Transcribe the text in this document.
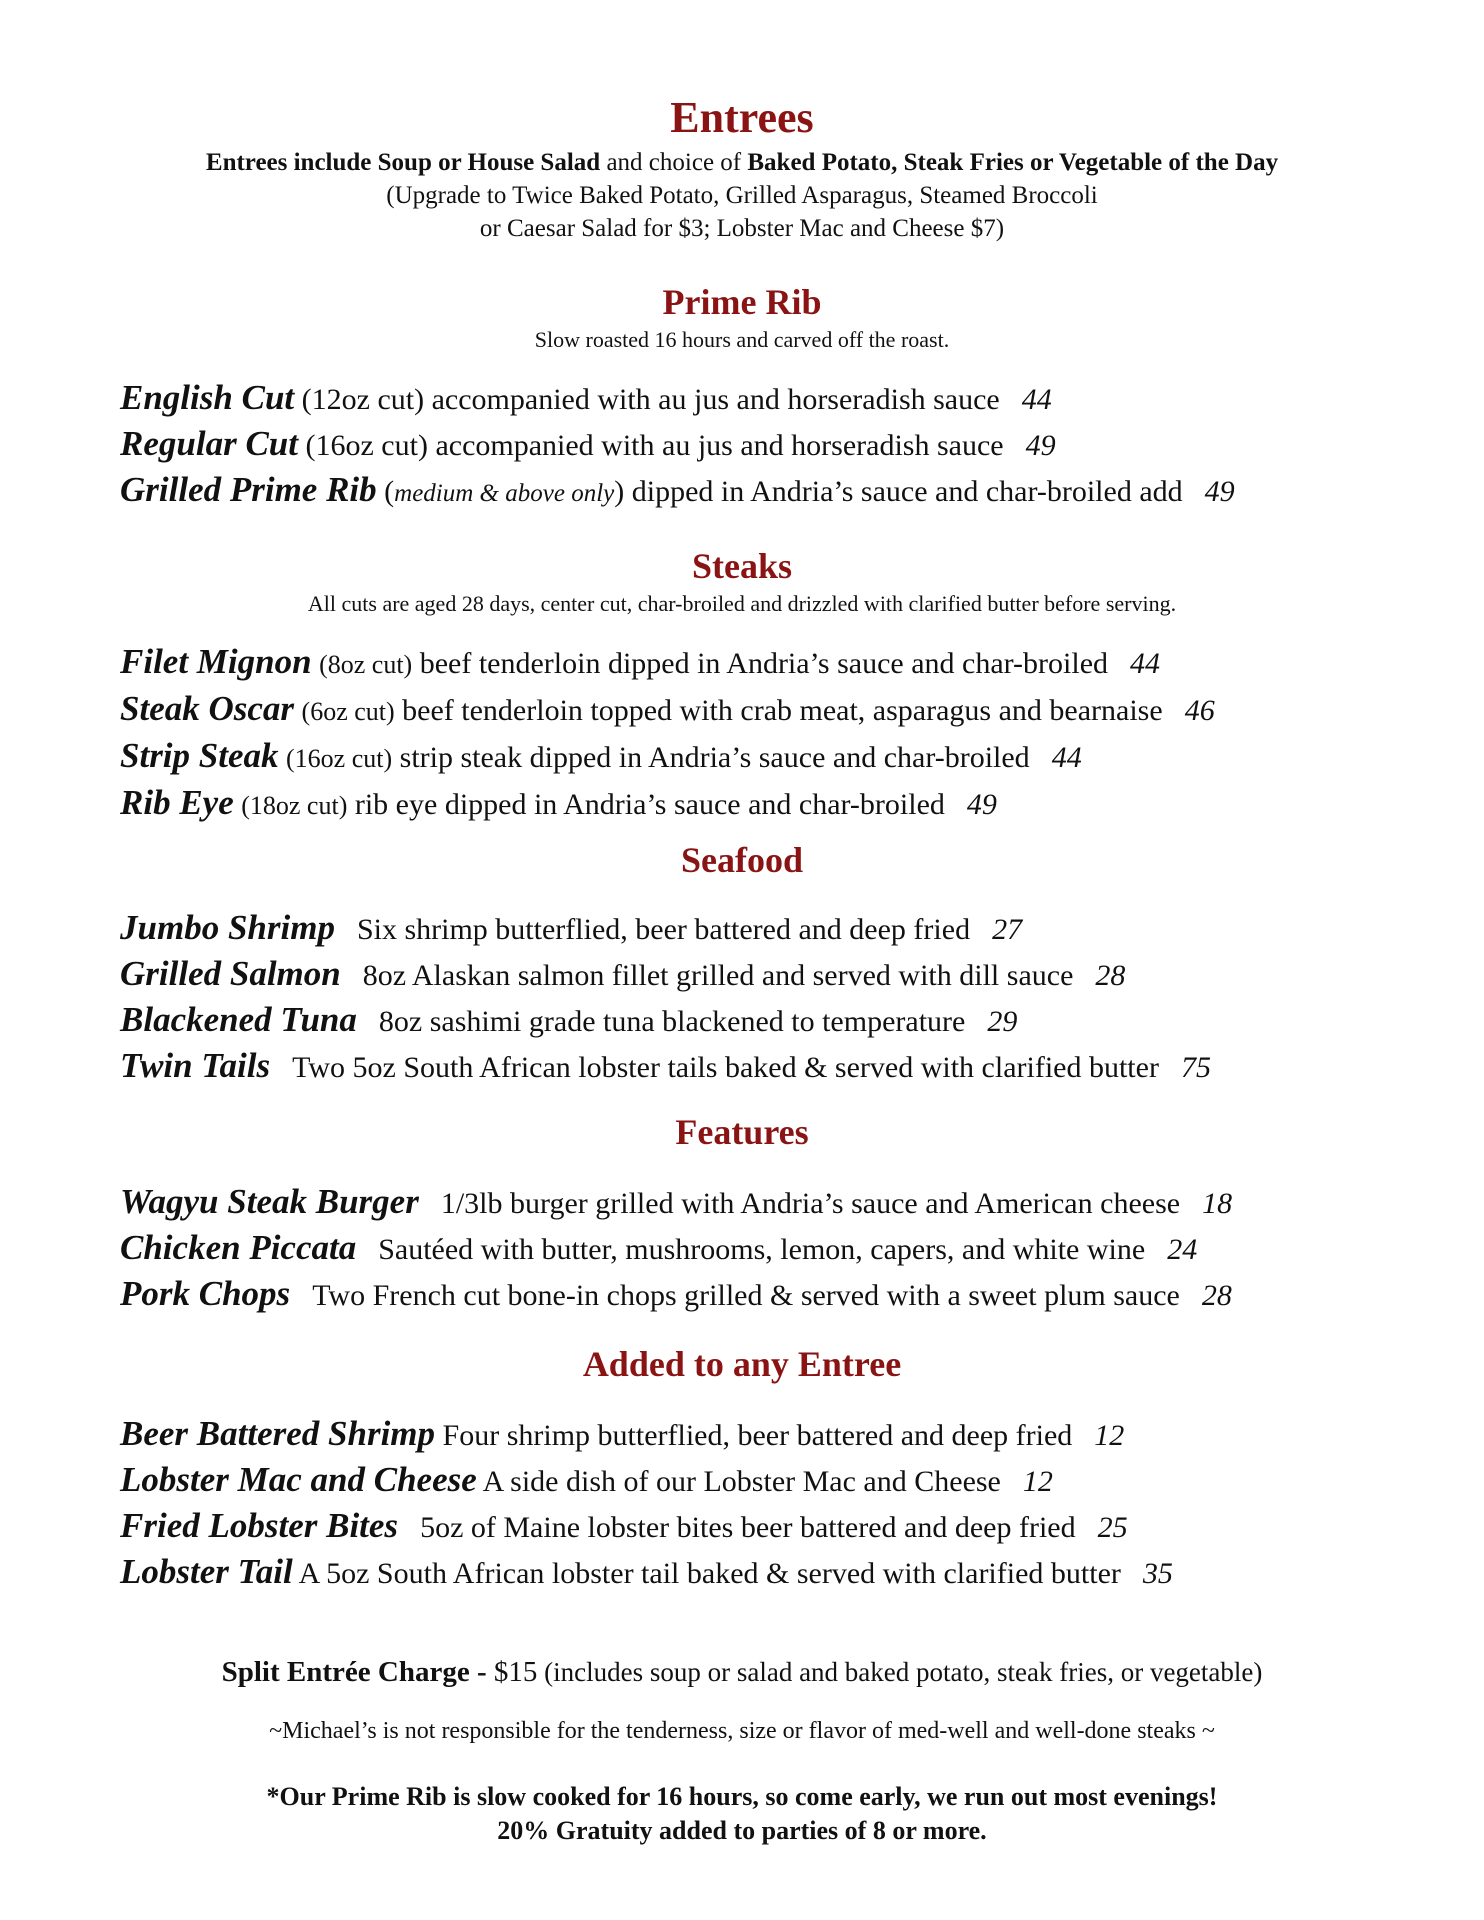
Entrees
Entrees include Soup or House Salad and choice of Baked Potato, Steak Fries or Vegetable of the Day
(Upgrade to Twice Baked Potato, Grilled Asparagus, Steamed Broccoli
or Caesar Salad for $3; Lobster Mac and Cheese $7)
Prime Rib
Slow roasted 16 hours and carved off the roast.
English Cut (12oz cut) accompanied with au jus and horseradish sauce 44
Regular Cut (16oz cut) accompanied with au jus and horseradish sauce 49
Grilled Prime Rib (medium & above only) dipped in Andria’s sauce and char-broiled add 49
Steaks
All cuts are aged 28 days, center cut, char-broiled and drizzled with clarified butter before serving.
Filet Mignon (8oz cut) beef tenderloin dipped in Andria’s sauce and char-broiled 44
Steak Oscar (6oz cut) beef tenderloin topped with crab meat, asparagus and bearnaise 46
Strip Steak (16oz cut) strip steak dipped in Andria’s sauce and char-broiled 44
Rib Eye (18oz cut) rib eye dipped in Andria’s sauce and char-broiled 49
Seafood
Jumbo Shrimp Six shrimp butterflied, beer battered and deep fried 27
Grilled Salmon 8oz Alaskan salmon fillet grilled and served with dill sauce 28
Blackened Tuna 8oz sashimi grade tuna blackened to temperature 29
Twin Tails Two 5oz South African lobster tails baked & served with clarified butter 75
Features
Wagyu Steak Burger 1/3lb burger grilled with Andria’s sauce and American cheese 18
Chicken Piccata Sautéed with butter, mushrooms, lemon, capers, and white wine 24
Pork Chops Two French cut bone-in chops grilled & served with a sweet plum sauce 28
Added to any Entree
Beer Battered Shrimp Four shrimp butterflied, beer battered and deep fried 12
Lobster Mac and Cheese A side dish of our Lobster Mac and Cheese 12
Fried Lobster Bites 5oz of Maine lobster bites beer battered and deep fried 25
Lobster Tail A 5oz South African lobster tail baked & served with clarified butter 35
Split Entrée Charge - $15 (includes soup or salad and baked potato, steak fries, or vegetable)
~Michael’s is not responsible for the tenderness, size or flavor of med-well and well-done steaks ~
*Our Prime Rib is slow cooked for 16 hours, so come early, we run out most evenings!
20% Gratuity added to parties of 8 or more.
